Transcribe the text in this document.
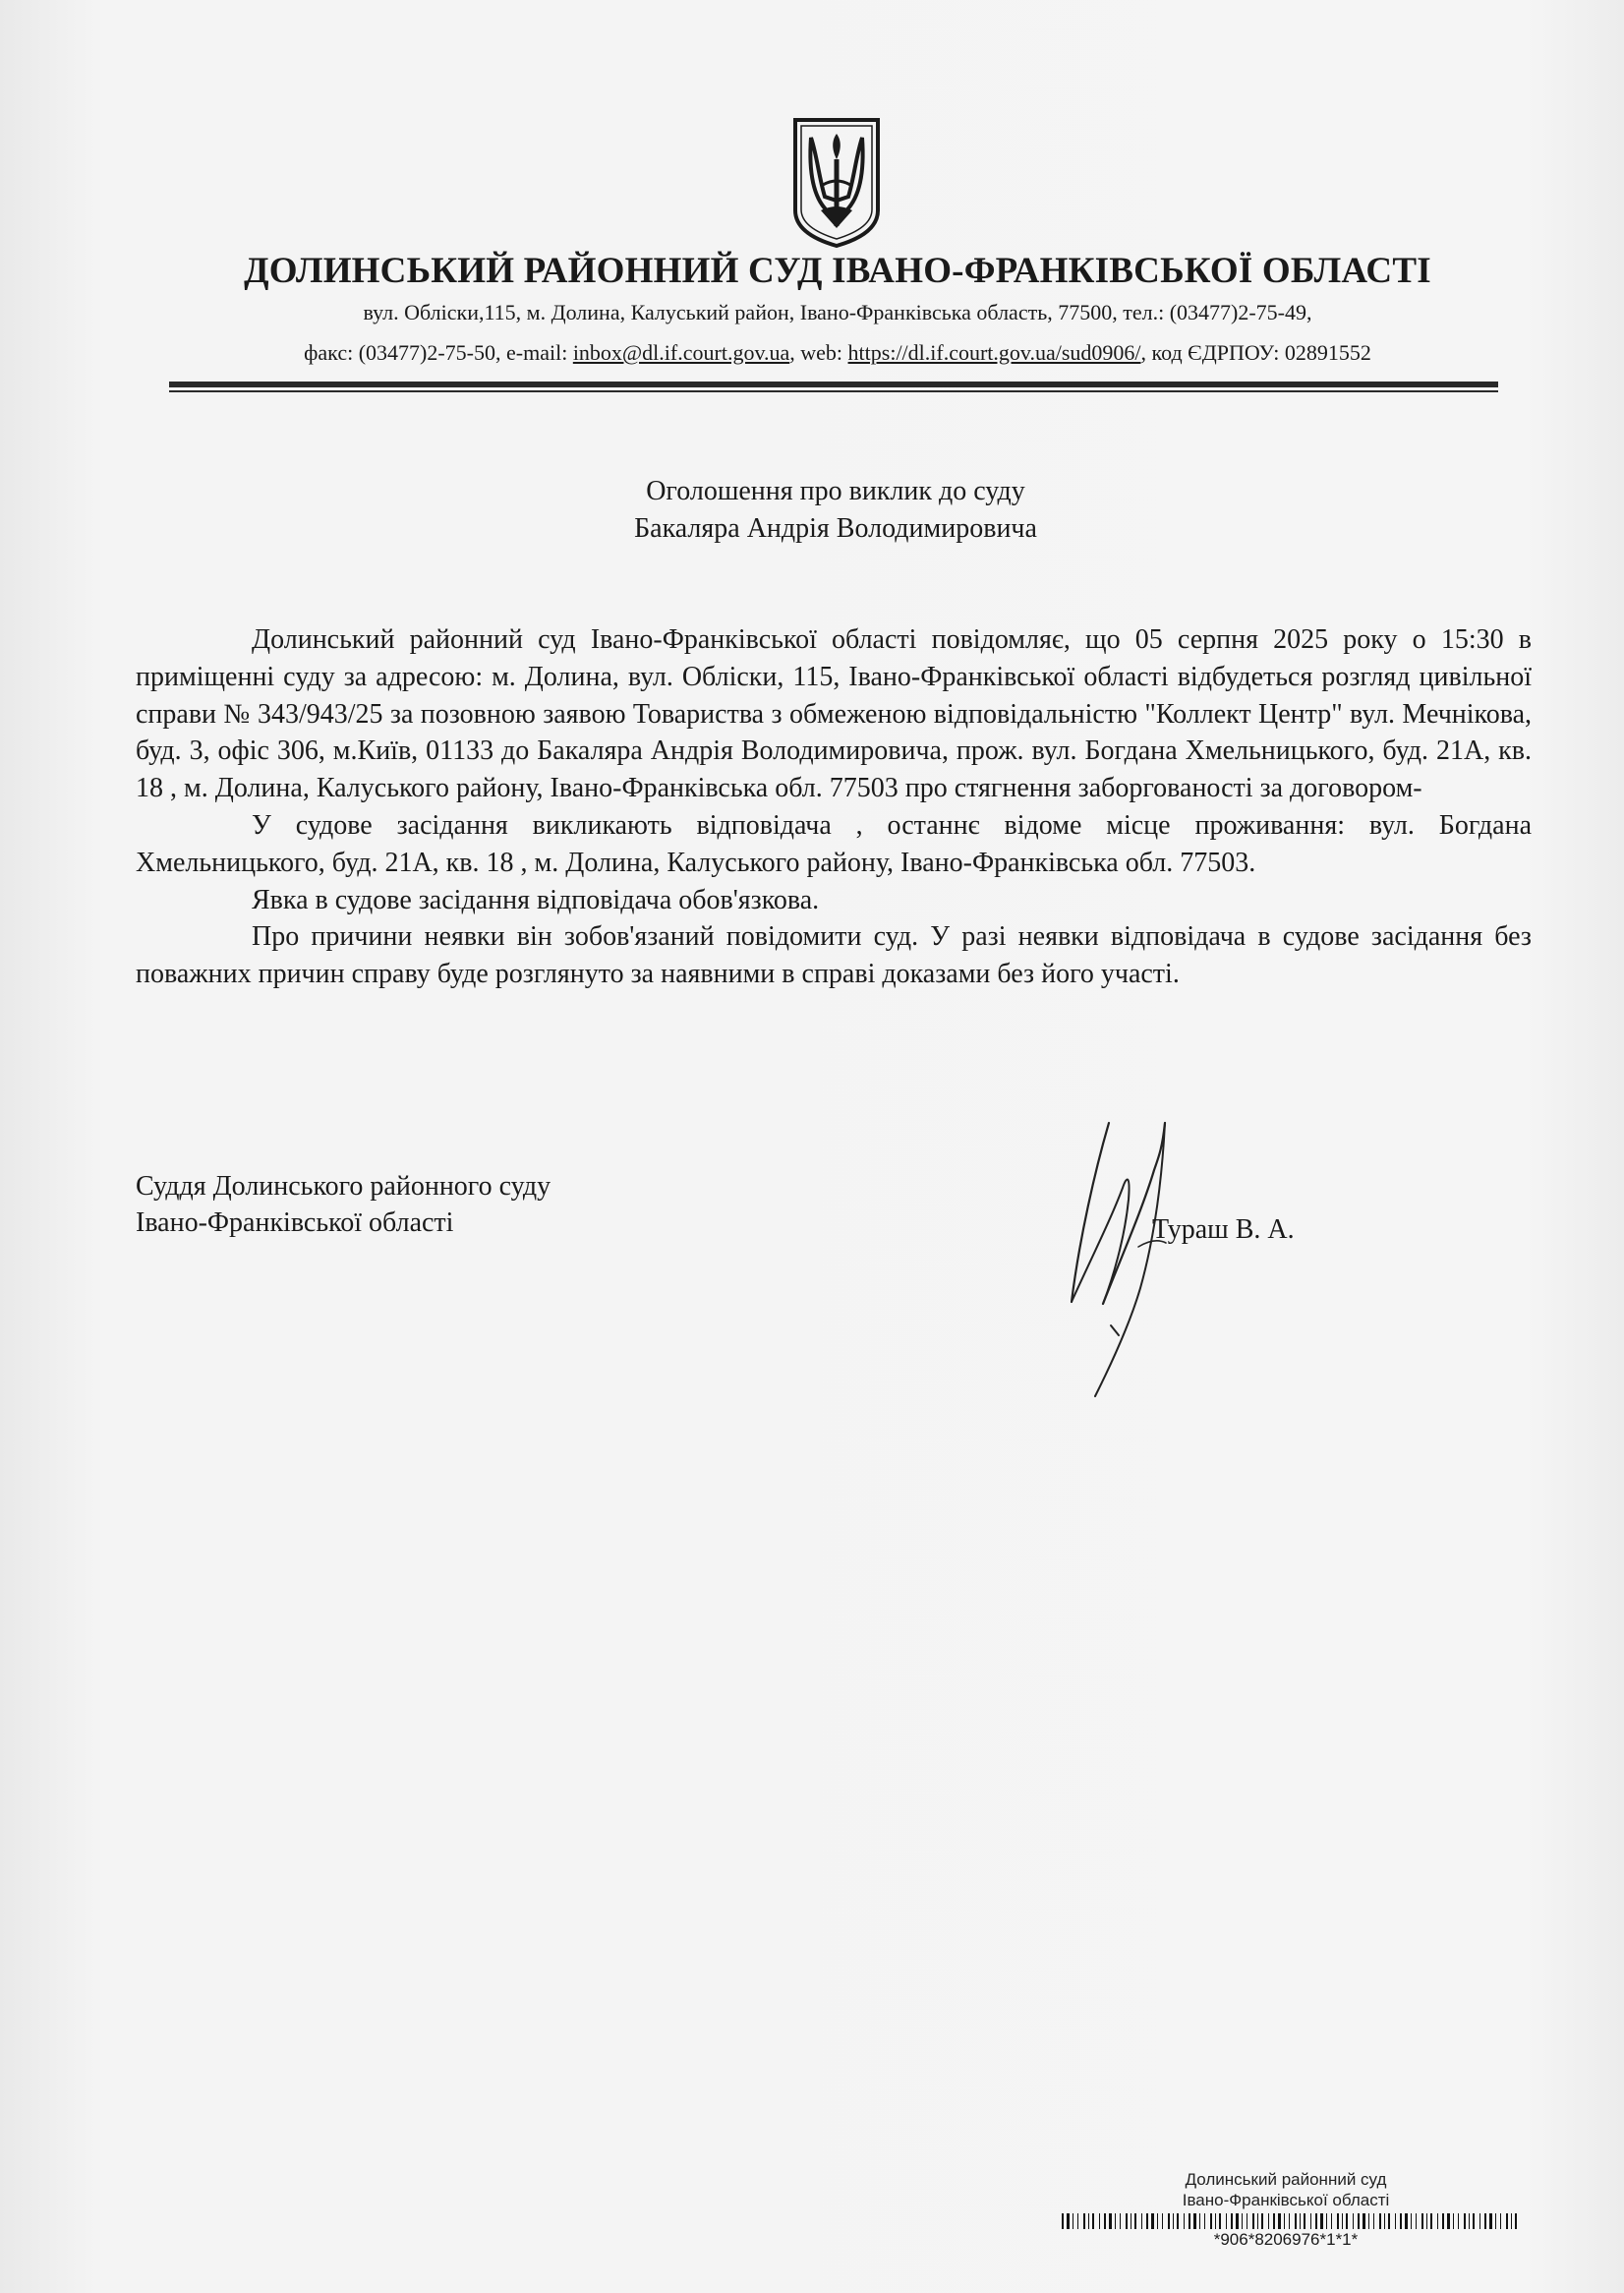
ДОЛИНСЬКИЙ РАЙОННИЙ СУД ІВАНО-ФРАНКІВСЬКОЇ ОБЛАСТІ
вул. Обліски,115, м. Долина, Калуський район, Івано-Франківська область, 77500, тел.: (03477)2-75-49,
факс: (03477)2-75-50, e-mail: inbox@dl.if.court.gov.ua, web: https://dl.if.court.gov.ua/sud0906/, код ЄДРПОУ: 02891552
Оголошення про виклик до суду
Бакаляра Андрія Володимировича

Долинський районний суд Івано-Франківської області повідомляє, що 05 серпня 2025 року о 15:30 в приміщенні суду за адресою: м. Долина, вул. Обліски, 115, Івано-Франківської області відбудеться розгляд цивільної справи № 343/943/25 за позовною заявою Товариства з обмеженою відповідальністю "Коллект Центр" вул. Мечнікова, буд. 3, офіс 306, м.Київ, 01133 до Бакаляра Андрія Володимировича, прож. вул. Богдана Хмельницького, буд. 21А, кв. 18 , м. Долина, Калуського району, Івано-Франківська обл. 77503 про стягнення заборгованості за договором-

У судове засідання викликають відповідача , останнє відоме місце проживання: вул. Богдана Хмельницького, буд. 21А, кв. 18 , м. Долина, Калуського району, Івано-Франківська обл. 77503.

Явка в судове засідання відповідача обов'язкова.

Про причини неявки він зобов'язаний повідомити суд. У разі неявки відповідача в судове засідання без поважних причин справу буде розглянуто за наявними в справі доказами без його участі.

Суддя Долинського районного суду
Івано-Франківської області	Тураш В. А.
Долинський районний суд
Івано-Франківської області
*906*8206976*1*1*
